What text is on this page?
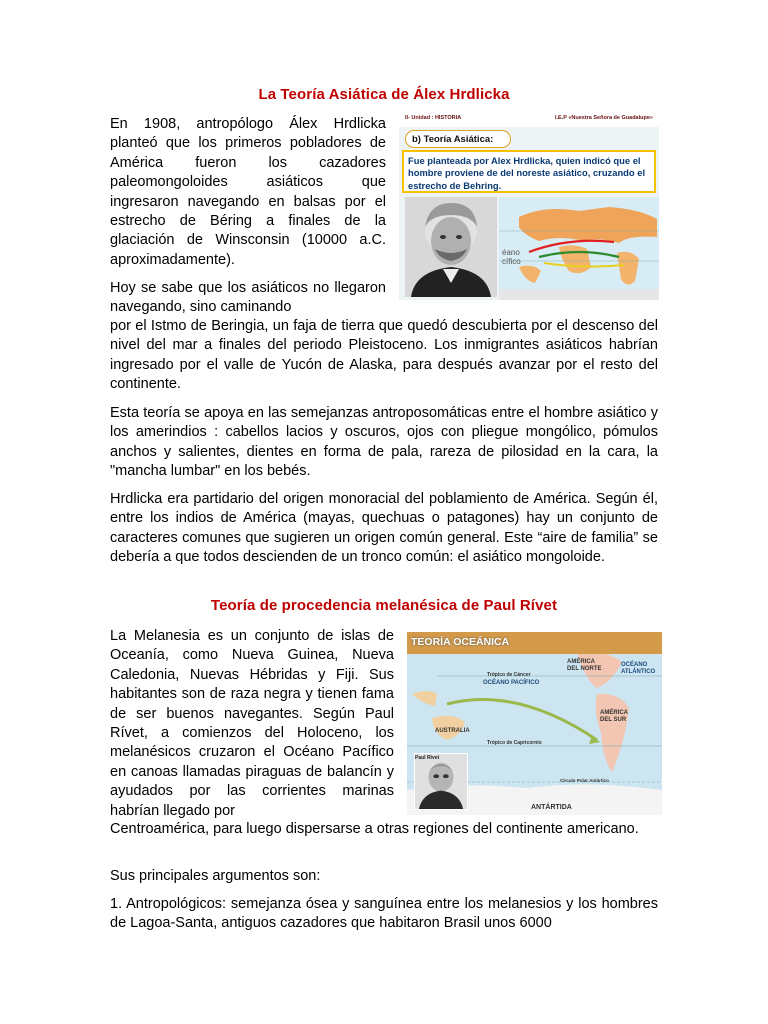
La Teoría Asiática de Álex Hrdlicka

En 1908, antropólogo Álex Hrdlicka planteó que los primeros pobladores de América fueron los cazadores paleomongoloides asiáticos que ingresaron navegando en balsas por el estrecho de Béring a finales de la glaciación de Winsconsin (10000 a.C. aproximadamente).

Hoy se sabe que los asiáticos no llegaron navegando, sino caminando

por el Istmo de Beringia, un faja de tierra que quedó descubierta por el descenso del nivel del mar a finales del periodo Pleistoceno. Los inmigrantes asiáticos habrían ingresado por el valle de Yucón de Alaska, para después avanzar por el resto del continente.

Esta teoría se apoya en las semejanzas antroposomáticas entre el hombre asiático y los amerindios : cabellos lacios y oscuros, ojos con pliegue mongólico, pómulos anchos y salientes, dientes en forma de pala, rareza de pilosidad en la cara, la "mancha lumbar" en los bebés.

Hrdlicka era partidario del origen monoracial del poblamiento de América. Según él, entre los indios de América (mayas, quechuas o patagones) hay un conjunto de caracteres comunes que sugieren un origen común general. Este “aire de familia” se debería a que todos descienden de un tronco común: el asiático mongoloide.

II- Unidad : HISTORIA	I.E.P «Nuestra Señora de Guadalupe»
éano
cífico
b) Teoría Asiática:
Fue planteada por Alex Hrdlicka, quien indicó que el hombre proviene de del noreste asiático, cruzando el estrecho de Behring.
Teoría de procedencia melanésica de Paul Rívet

La Melanesia es un conjunto de islas de Oceanía, como Nueva Guinea, Nueva Caledonia, Nuevas Hébridas y Fiji. Sus habitantes son de raza negra y tienen fama de ser buenos navegantes. Según Paul Rívet, a comienzos del Holoceno, los melanésicos cruzaron el Océano Pacífico en canoas llamadas piraguas de balancín y ayudados por las corrientes marinas habrían llegado por

Centroamérica, para luego dispersarse a otras regiones del continente americano.

Sus principales argumentos son:

1. Antropológicos: semejanza ósea y sanguínea entre los melanesios y los hombres de Lagoa-Santa, antiguos cazadores que habitaron Brasil unos 6000

TEORÍA OCEÁNICA
Trópico de Cáncer
OCÉANO PACÍFICO
AMÉRICA
DEL NORTE
OCÉANO
ATLÁNTICO
AUSTRALIA
Trópico de Capricornio
AMÉRICA
DEL SUR
Círculo Polar Antártico
ANTÁRTIDA
Paul Rivet
